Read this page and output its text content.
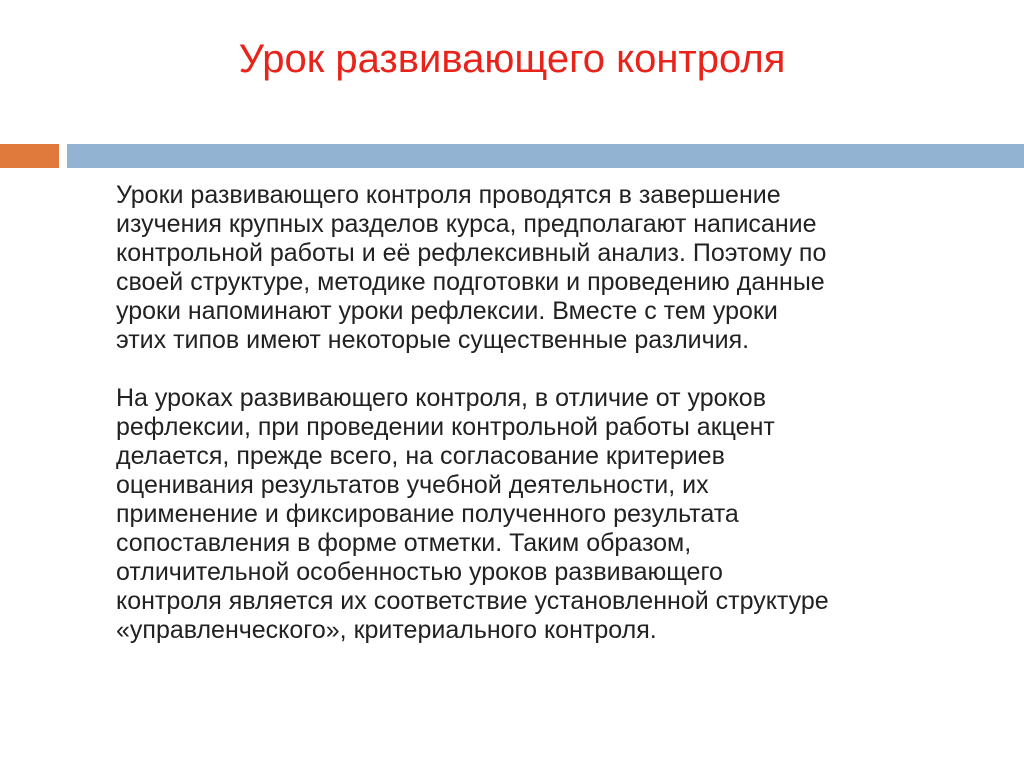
Урок развивающего контроля

Уроки развивающего контроля проводятся в завершение
изучения крупных разделов курса, предполагают написание
контрольной работы и её рефлексивный анализ. Поэтому по
своей структуре, методике подготовки и проведению данные
уроки напоминают уроки рефлексии. Вместе с тем уроки
этих типов имеют некоторые существенные различия.

На уроках развивающего контроля, в отличие от уроков
рефлексии, при проведении контрольной работы акцент
делается, прежде всего, на согласование критериев
оценивания результатов учебной деятельности, их
применение и фиксирование полученного результата
сопоставления в форме отметки. Таким образом,
отличительной особенностью уроков развивающего
контроля является их соответствие установленной структуре
«управленческого», критериального контроля.
